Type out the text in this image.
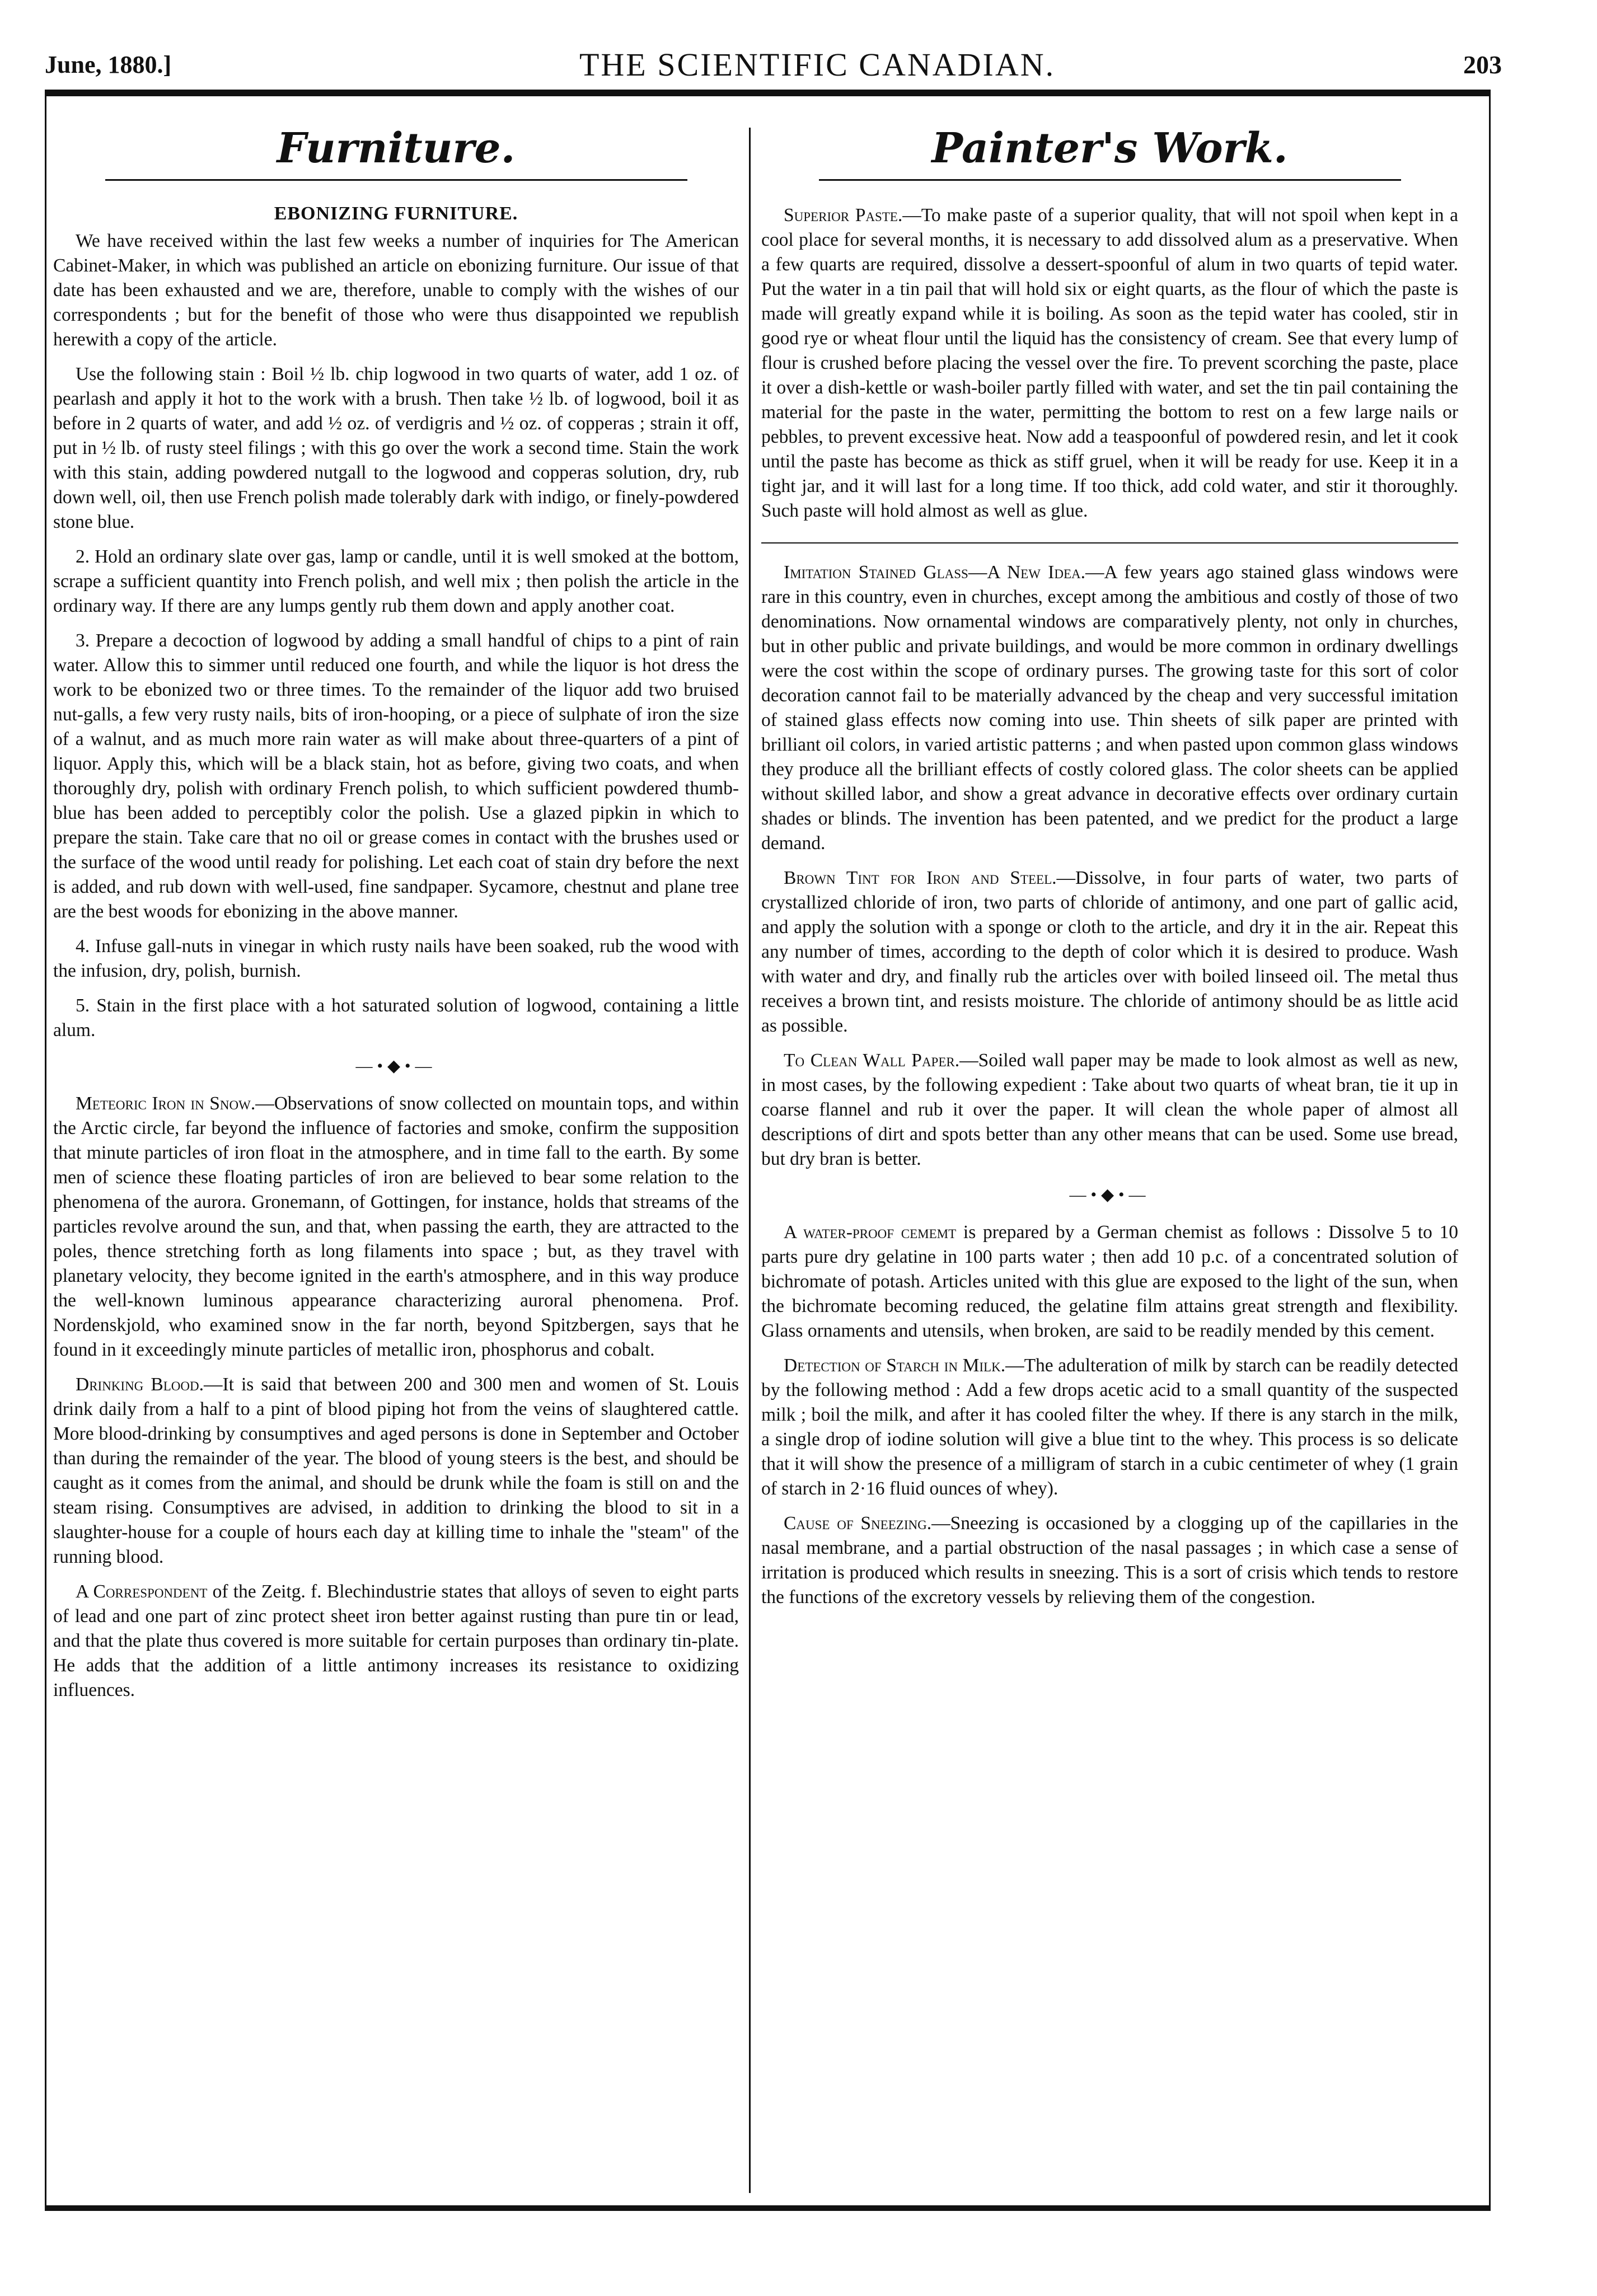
June, 1880.]	THE SCIENTIFIC CANADIAN.	203
Furniture.
EBONIZING FURNITURE.

We have received within the last few weeks a number of inquiries for The American Cabinet-Maker, in which was published an article on ebonizing furniture. Our issue of that date has been exhausted and we are, therefore, unable to comply with the wishes of our correspondents ; but for the benefit of those who were thus disappointed we republish herewith a copy of the article.

Use the following stain : Boil ½ lb. chip logwood in two quarts of water, add 1 oz. of pearlash and apply it hot to the work with a brush. Then take ½ lb. of logwood, boil it as before in 2 quarts of water, and add ½ oz. of verdigris and ½ oz. of copperas ; strain it off, put in ½ lb. of rusty steel filings ; with this go over the work a second time. Stain the work with this stain, adding powdered nutgall to the logwood and copperas solution, dry, rub down well, oil, then use French polish made tolerably dark with indigo, or finely-powdered stone blue.

2. Hold an ordinary slate over gas, lamp or candle, until it is well smoked at the bottom, scrape a sufficient quantity into French polish, and well mix ; then polish the article in the ordinary way. If there are any lumps gently rub them down and apply another coat.

3. Prepare a decoction of logwood by adding a small handful of chips to a pint of rain water. Allow this to simmer until reduced one fourth, and while the liquor is hot dress the work to be ebonized two or three times. To the remainder of the liquor add two bruised nut-galls, a few very rusty nails, bits of iron-hooping, or a piece of sulphate of iron the size of a walnut, and as much more rain water as will make about three-quarters of a pint of liquor. Apply this, which will be a black stain, hot as before, giving two coats, and when thoroughly dry, polish with ordinary French polish, to which sufficient powdered thumb-blue has been added to perceptibly color the polish. Use a glazed pipkin in which to prepare the stain. Take care that no oil or grease comes in contact with the brushes used or the surface of the wood until ready for polishing. Let each coat of stain dry before the next is added, and rub down with well-used, fine sandpaper. Sycamore, chestnut and plane tree are the best woods for ebonizing in the above manner.

4. Infuse gall-nuts in vinegar in which rusty nails have been soaked, rub the wood with the infusion, dry, polish, burnish.

5. Stain in the first place with a hot saturated solution of logwood, containing a little alum.

—•◆•—

Meteoric Iron in Snow.—Observations of snow collected on mountain tops, and within the Arctic circle, far beyond the influence of factories and smoke, confirm the supposition that minute particles of iron float in the atmosphere, and in time fall to the earth. By some men of science these floating particles of iron are believed to bear some relation to the phenomena of the aurora. Gronemann, of Gottingen, for instance, holds that streams of the particles revolve around the sun, and that, when passing the earth, they are attracted to the poles, thence stretching forth as long filaments into space ; but, as they travel with planetary velocity, they become ignited in the earth's atmosphere, and in this way produce the well-known luminous appearance characterizing auroral phenomena. Prof. Nordenskjold, who examined snow in the far north, beyond Spitzbergen, says that he found in it exceedingly minute particles of metallic iron, phosphorus and cobalt.

Drinking Blood.—It is said that between 200 and 300 men and women of St. Louis drink daily from a half to a pint of blood piping hot from the veins of slaughtered cattle. More blood-drinking by consumptives and aged persons is done in September and October than during the remainder of the year. The blood of young steers is the best, and should be caught as it comes from the animal, and should be drunk while the foam is still on and the steam rising. Consumptives are advised, in addition to drinking the blood to sit in a slaughter-house for a couple of hours each day at killing time to inhale the "steam" of the running blood.

A Correspondent of the Zeitg. f. Blechindustrie states that alloys of seven to eight parts of lead and one part of zinc protect sheet iron better against rusting than pure tin or lead, and that the plate thus covered is more suitable for certain purposes than ordinary tin-plate. He adds that the addition of a little antimony increases its resistance to oxidizing influences.

Painter's Work.

Superior Paste.—To make paste of a superior quality, that will not spoil when kept in a cool place for several months, it is necessary to add dissolved alum as a preservative. When a few quarts are required, dissolve a dessert-spoonful of alum in two quarts of tepid water. Put the water in a tin pail that will hold six or eight quarts, as the flour of which the paste is made will greatly expand while it is boiling. As soon as the tepid water has cooled, stir in good rye or wheat flour until the liquid has the consistency of cream. See that every lump of flour is crushed before placing the vessel over the fire. To prevent scorching the paste, place it over a dish-kettle or wash-boiler partly filled with water, and set the tin pail containing the material for the paste in the water, permitting the bottom to rest on a few large nails or pebbles, to prevent excessive heat. Now add a teaspoonful of powdered resin, and let it cook until the paste has become as thick as stiff gruel, when it will be ready for use. Keep it in a tight jar, and it will last for a long time. If too thick, add cold water, and stir it thoroughly. Such paste will hold almost as well as glue.

Imitation Stained Glass—A New Idea.—A few years ago stained glass windows were rare in this country, even in churches, except among the ambitious and costly of those of two denominations. Now ornamental windows are comparatively plenty, not only in churches, but in other public and private buildings, and would be more common in ordinary dwellings were the cost within the scope of ordinary purses. The growing taste for this sort of color decoration cannot fail to be materially advanced by the cheap and very successful imitation of stained glass effects now coming into use. Thin sheets of silk paper are printed with brilliant oil colors, in varied artistic patterns ; and when pasted upon common glass windows they produce all the brilliant effects of costly colored glass. The color sheets can be applied without skilled labor, and show a great advance in decorative effects over ordinary curtain shades or blinds. The invention has been patented, and we predict for the product a large demand.

Brown Tint for Iron and Steel.—Dissolve, in four parts of water, two parts of crystallized chloride of iron, two parts of chloride of antimony, and one part of gallic acid, and apply the solution with a sponge or cloth to the article, and dry it in the air. Repeat this any number of times, according to the depth of color which it is desired to produce. Wash with water and dry, and finally rub the articles over with boiled linseed oil. The metal thus receives a brown tint, and resists moisture. The chloride of antimony should be as little acid as possible.

To Clean Wall Paper.—Soiled wall paper may be made to look almost as well as new, in most cases, by the following expedient : Take about two quarts of wheat bran, tie it up in coarse flannel and rub it over the paper. It will clean the whole paper of almost all descriptions of dirt and spots better than any other means that can be used. Some use bread, but dry bran is better.

—•◆•—

A water-proof cememt is prepared by a German chemist as follows : Dissolve 5 to 10 parts pure dry gelatine in 100 parts water ; then add 10 p.c. of a concentrated solution of bichromate of potash. Articles united with this glue are exposed to the light of the sun, when the bichromate becoming reduced, the gelatine film attains great strength and flexibility. Glass ornaments and utensils, when broken, are said to be readily mended by this cement.

Detection of Starch in Milk.—The adulteration of milk by starch can be readily detected by the following method : Add a few drops acetic acid to a small quantity of the suspected milk ; boil the milk, and after it has cooled filter the whey. If there is any starch in the milk, a single drop of iodine solution will give a blue tint to the whey. This process is so delicate that it will show the presence of a milligram of starch in a cubic centimeter of whey (1 grain of starch in 2·16 fluid ounces of whey).

Cause of Sneezing.—Sneezing is occasioned by a clogging up of the capillaries in the nasal membrane, and a partial obstruction of the nasal passages ; in which case a sense of irritation is produced which results in sneezing. This is a sort of crisis which tends to restore the functions of the excretory vessels by relieving them of the congestion.
